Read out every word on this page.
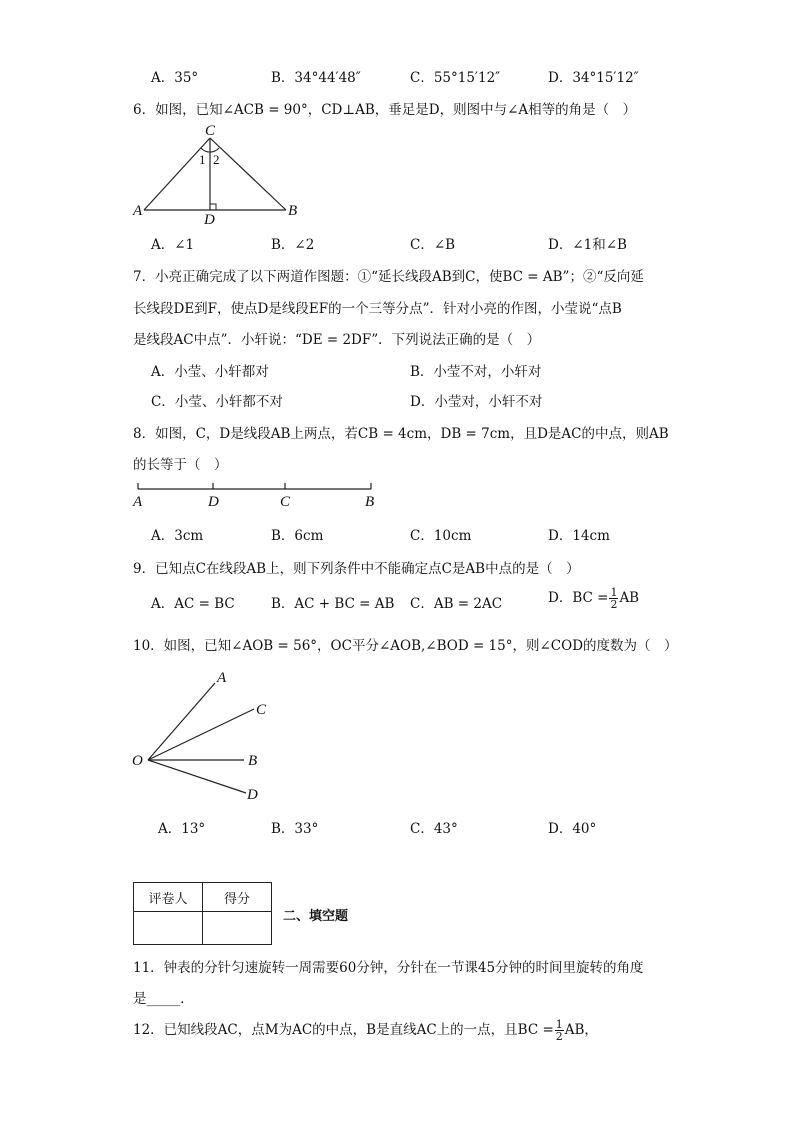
A．35°	B．34°44′48″	C．55°15′12″	D．34°15′12″
6．如图，已知∠ACB = 90°，CD⊥AB，垂足是D，则图中与∠A相等的角是（　）
A	B
C
D
1 2
A．∠1	B．∠2	C．∠B	D．∠1和∠B
7．小亮正确完成了以下两道作图题：①“延长线段AB到C，使BC = AB”；②“反向延
长线段DE到F，使点D是线段EF的一个三等分点”．针对小亮的作图，小莹说“点B
是线段AC中点”．小轩说：“DE = 2DF”．下列说法正确的是（　）
A．小莹、小轩都对	B．小莹不对，小轩对
C．小莹、小轩都不对	D．小莹对，小轩不对
8．如图，C，D是线段AB上两点，若CB = 4cm，DB = 7cm，且D是AC的中点，则AB
的长等于（　）
A	D	C	B
A．3cm	B．6cm	C．10cm	D．14cm
9．已知点C在线段AB上，则下列条件中不能确定点C是AB中点的是（　）
A．AC = BC	B．AC + BC = AB C．AB = 2AC	D．BC = $\frac{1}{2}$ AB
10．如图，已知∠AOB = 56°，OC平分∠AOB,∠BOD = 15°，则∠COD的度数为（　）
A
C
O	B
D
A．13°	B．33°	C．43°	D．40°
评卷人	得分

二、填空题
11．钟表的分针匀速旋转一周需要60分钟，分针在一节课45分钟的时间里旋转的角度
是_____．
12．已知线段AC，点M为AC的中点，B是直线AC上的一点，且BC = $\frac{1}{2}$ AB，
